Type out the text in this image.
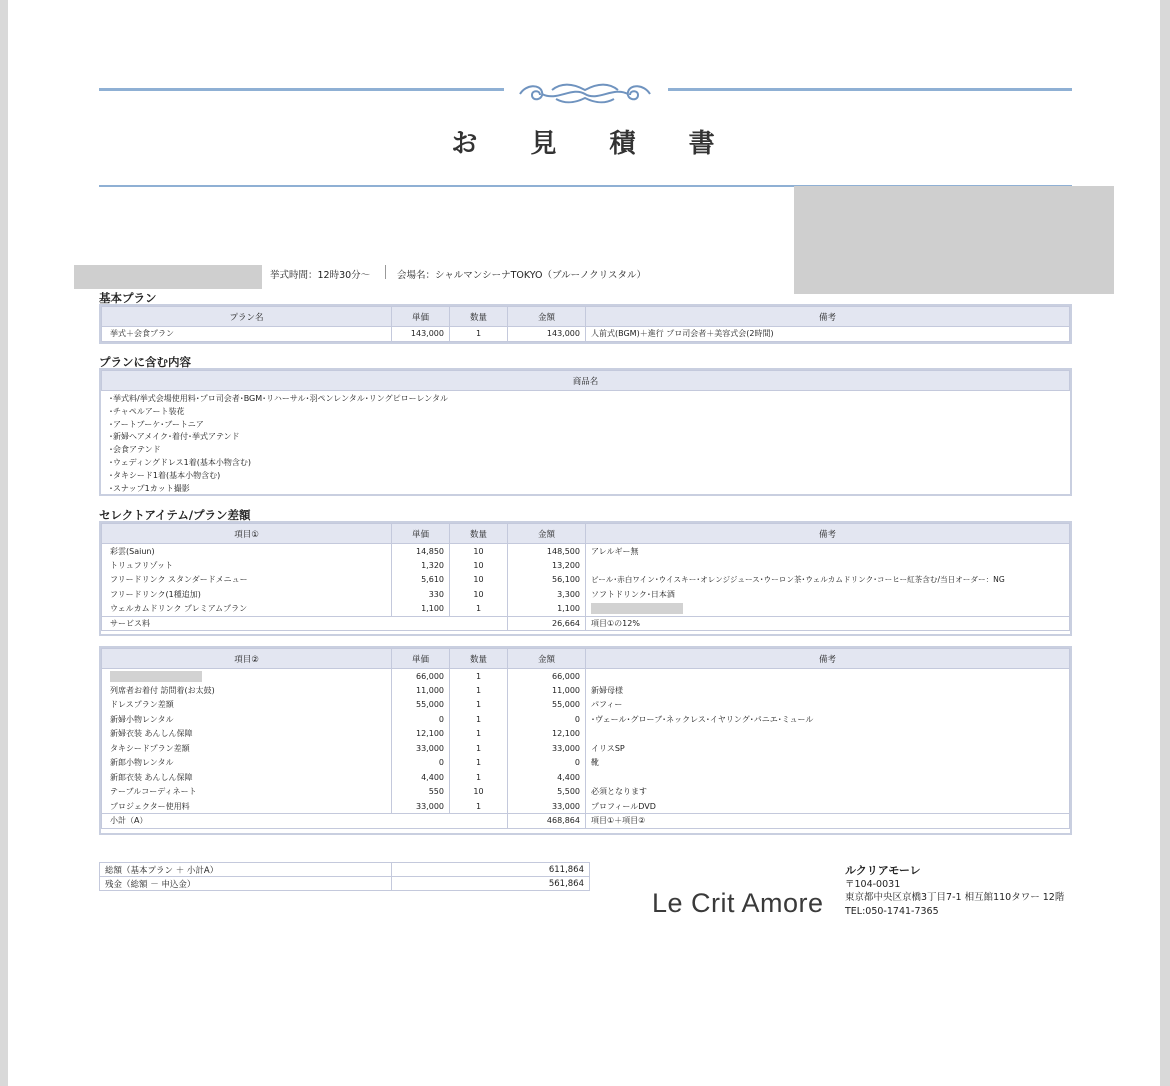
お 見 積 書
挙式時間：12時30分～	会場名：シャルマンシーナTOKYO（ブルーノクリスタル）
基本プラン
プラン名	単価	数量	金額	備考
挙式＋会食プラン	143,000	1	143,000	人前式(BGM)＋進行 プロ司会者＋美容式会(2時間)
プランに含む内容
商品名
･挙式料/挙式会場使用料･プロ司会者･BGM･リハーサル･羽ペンレンタル･リングピローレンタル
･チャペルアート装花
･アートブーケ･ブートニア
･新婦ヘアメイク･着付･挙式アテンド
･会食アテンド
･ウェディングドレス1着(基本小物含む)
･タキシード1着(基本小物含む)
･スナップ1カット撮影
セレクトアイテム/プラン差額
項目①	単価	数量	金額	備考
彩雲(Saiun)	14,850	10	148,500	アレルギー無
トリュフリゾット	1,320	10	13,200	
フリードリンク スタンダードメニュー	5,610	10	56,100	ビール･赤白ワイン･ウイスキー･オレンジジュース･ウーロン茶･ウェルカムドリンク･コーヒー紅茶含む/当日オーダー：NG
フリードリンク(1種追加)	330	10	3,300	ソフトドリンク･日本酒
ウェルカムドリンク プレミアムプラン	1,100	1	1,100	
サービス料			26,664	項目①の12%
項目②	単価	数量	金額	備考
	66,000	1	66,000	
列席者お着付 訪問着(お太鼓)	11,000	1	11,000	新婦母様
ドレスプラン差額	55,000	1	55,000	パフィー
新婦小物レンタル	0	1	0	･ヴェール･グローブ･ネックレス･イヤリング･パニエ･ミュール
新婦衣装 あんしん保障	12,100	1	12,100	
タキシードプラン差額	33,000	1	33,000	イリスSP
新郎小物レンタル	0	1	0	靴
新郎衣装 あんしん保障	4,400	1	4,400	
テーブルコーディネート	550	10	5,500	必須となります
プロジェクター使用料	33,000	1	33,000	プロフィールDVD
小計（A）			468,864	項目①＋項目②
総額（基本プラン ＋ 小計A）	611,864
残金（総額 － 申込金）	561,864
Le Crit Amore
ルクリアモーレ
〒104-0031
東京都中央区京橋3丁目7-1 相互館110タワー 12階
TEL:050-1741-7365
